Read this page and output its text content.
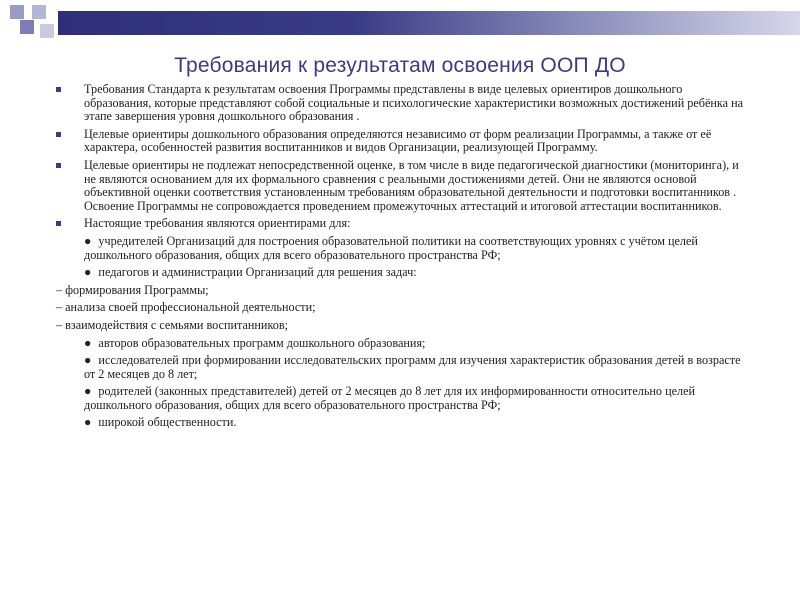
Требования к результатам освоения ООП ДО
Требования Стандарта к результатам освоения Программы представлены в виде целевых ориентиров дошкольного образования, которые представляют собой социальные и психологические характеристики возможных достижений ребёнка на этапе завершения уровня дошкольного образования .
Целевые ориентиры дошкольного образования определяются независимо от форм реализации Программы, а также от её характера, особенностей развития воспитанников и видов Организации, реализующей Программу.
Целевые ориентиры не подлежат непосредственной оценке, в том числе в виде педагогической диагностики (мониторинга), и не являются основанием для их формального сравнения с реальными достижениями детей. Они не являются основой объективной оценки соответствия установленным требованиям образовательной деятельности и подготовки воспитанников . Освоение Программы не сопровождается проведением промежуточных аттестаций и итоговой аттестации воспитанников.
Настоящие требования являются ориентирами для:
● учредителей Организаций для построения образовательной политики на соответствующих уровнях с учётом целей дошкольного образования, общих для всего образовательного пространства РФ;
● педагогов и администрации Организаций для решения задач:
– формирования Программы;
– анализа своей профессиональной деятельности;
– взаимодействия с семьями воспитанников;
● авторов образовательных программ дошкольного образования;
● исследователей при формировании исследовательских программ для изучения характеристик образования детей в возрасте от 2 месяцев до 8 лет;
● родителей (законных представителей) детей от 2 месяцев до 8 лет для их информированности относительно целей дошкольного образования, общих для всего образовательного пространства РФ;
● широкой общественности.
